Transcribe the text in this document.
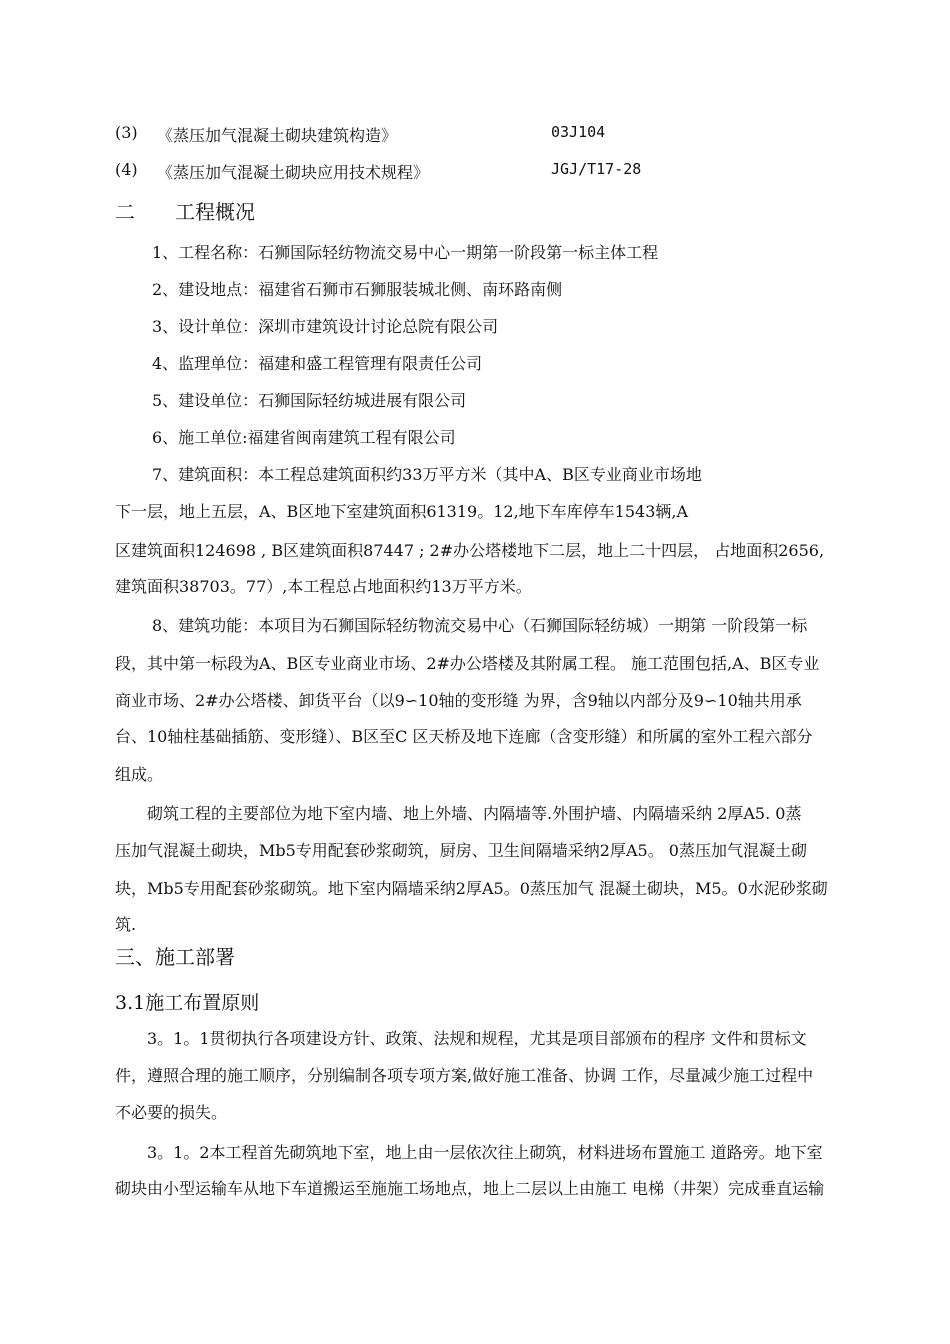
(3) 《蒸压加气混凝土砌块建筑构造》	03J104
(4) 《蒸压加气混凝土砌块应用技术规程》	JGJ/T17-28
二　　工程概况
1、工程名称：石狮国际轻纺物流交易中心一期第一阶段第一标主体工程
2、建设地点：福建省石狮市石狮服装城北侧、南环路南侧
3、设计单位：深圳市建筑设计讨论总院有限公司
4、监理单位：福建和盛工程管理有限责任公司
5、建设单位：石狮国际轻纺城进展有限公司
6、施工单位:福建省闽南建筑工程有限公司
7、建筑面积：本工程总建筑面积约33万平方米（其中A、B区专业商业市场地
下一层，地上五层，A、B区地下室建筑面积61319。12,地下车库停车1543辆,A
区建筑面积124698 , B区建筑面积87447 ; 2#办公塔楼地下二层，地上二十四层， 占地面积2656,
建筑面积38703。77）,本工程总占地面积约13万平方米。
8、建筑功能：本项目为石狮国际轻纺物流交易中心（石狮国际轻纺城）一期第 一阶段第一标
段，其中第一标段为A、B区专业商业市场、2#办公塔楼及其附属工程。 施工范围包括,A、B区专业
商业市场、2#办公塔楼、卸货平台（以9∽10轴的变形缝 为界，含9轴以内部分及9∽10轴共用承
台、10轴柱基础插筋、变形缝）、B区至C 区天桥及地下连廊（含变形缝）和所属的室外工程六部分
组成。
砌筑工程的主要部位为地下室内墙、地上外墙、内隔墙等.外围护墙、内隔墙采纳 2厚A5. 0蒸
压加气混凝土砌块，Mb5专用配套砂浆砌筑，厨房、卫生间隔墙采纳2厚A5。 0蒸压加气混凝土砌
块，Mb5专用配套砂浆砌筑。地下室内隔墙采纳2厚A5。0蒸压加气 混凝土砌块，M5。0水泥砂浆砌
筑.
三、施工部署
3.1施工布置原则
3。1。1贯彻执行各项建设方针、政策、法规和规程，尤其是项目部颁布的程序 文件和贯标文
件，遵照合理的施工顺序，分别编制各项专项方案,做好施工准备、协调 工作，尽量减少施工过程中
不必要的损失。
3。1。2本工程首先砌筑地下室，地上由一层依次往上砌筑，材料进场布置施工 道路旁。地下室
砌块由小型运输车从地下车道搬运至施施工场地点，地上二层以上由施工 电梯（井架）完成垂直运输
